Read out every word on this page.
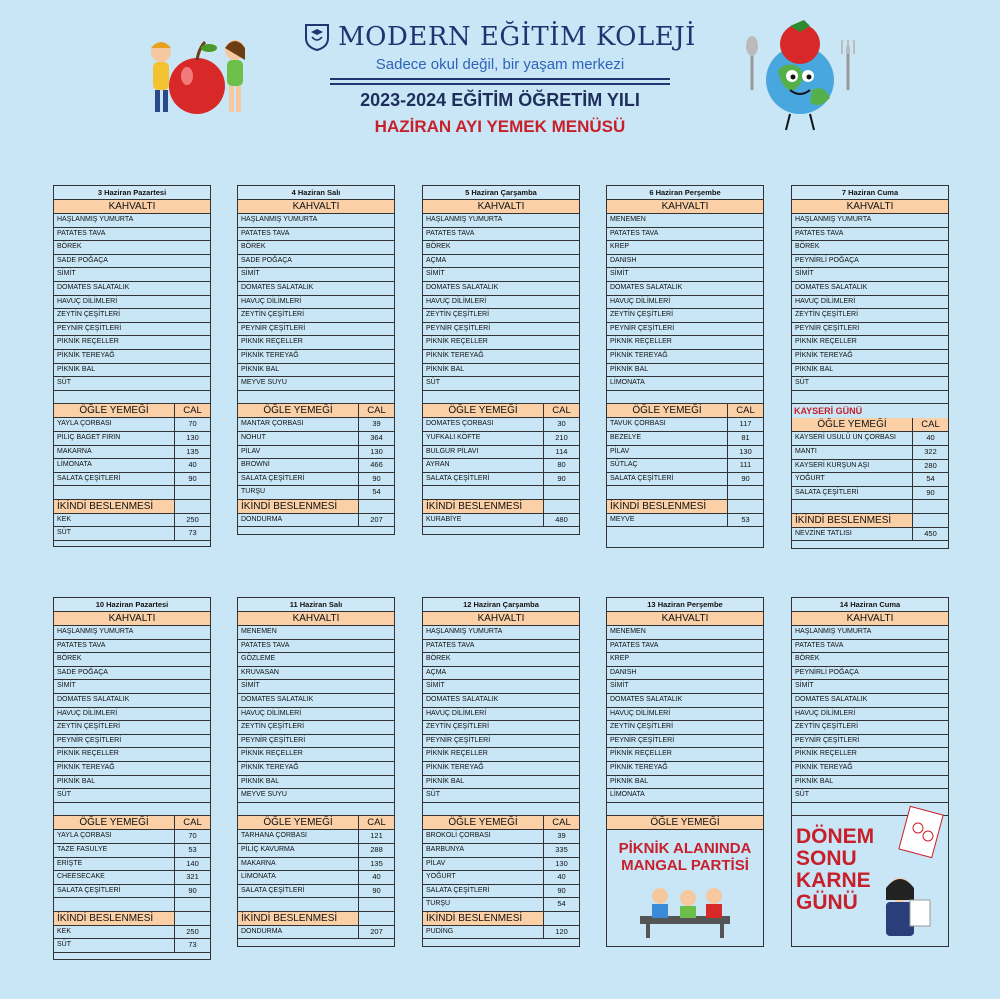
MODERN EĞİTİM KOLEJİ
Sadece okul değil, bir yaşam merkezi
2023-2024 EĞİTİM ÖĞRETİM YILI
HAZİRAN AYI YEMEK MENÜSÜ
3 Haziran Pazartesi
KAHVALTI
HAŞLANMIŞ YUMURTA
PATATES TAVA
BÖREK
SADE POĞAÇA
SİMİT
DOMATES SALATALIK
HAVUÇ DİLİMLERİ
ZEYTİN ÇEŞİTLERİ
PEYNİR ÇEŞİTLERİ
PİKNİK REÇELLER
PİKNİK TEREYAĞ
PİKNİK BAL
SÜT
ÖĞLE YEMEĞİ	CAL
YAYLA ÇORBASI	70
PİLİÇ BAGET FIRIN	130
MAKARNA	135
LİMONATA	40
SALATA ÇEŞİTLERİ	90
İKİNDİ BESLENMESİ
KEK	250
SÜT	73
4 Haziran Salı
KAHVALTI
HAŞLANMIŞ YUMURTA
PATATES TAVA
BÖREK
SADE POĞAÇA
SİMİT
DOMATES SALATALIK
HAVUÇ DİLİMLERİ
ZEYTİN ÇEŞİTLERİ
PEYNİR ÇEŞİTLERİ
PİKNİK REÇELLER
PİKNİK TEREYAĞ
PİKNİK BAL
MEYVE SUYU
ÖĞLE YEMEĞİ	CAL
MANTAR ÇORBASI	39
NOHUT	364
PİLAV	130
BROWNİ	466
SALATA ÇEŞİTLERİ	90
TURŞU	54
İKİNDİ BESLENMESİ
DONDURMA	207
5 Haziran Çarşamba
KAHVALTI
HAŞLANMIŞ YUMURTA
PATATES TAVA
BÖREK
AÇMA
SİMİT
DOMATES SALATALIK
HAVUÇ DİLİMLERİ
ZEYTİN ÇEŞİTLERİ
PEYNİR ÇEŞİTLERİ
PİKNİK REÇELLER
PİKNİK TEREYAĞ
PİKNİK BAL
SÜT
ÖĞLE YEMEĞİ	CAL
DOMATES ÇORBASI	30
YUFKALI KÖFTE	210
BULGUR PİLAVI	114
AYRAN	80
SALATA ÇEŞİTLERİ	90
İKİNDİ BESLENMESİ
KURABİYE	480
6 Haziran Perşembe
KAHVALTI
MENEMEN
PATATES TAVA
KREP
DANISH
SİMİT
DOMATES SALATALIK
HAVUÇ DİLİMLERİ
ZEYTİN ÇEŞİTLERİ
PEYNİR ÇEŞİTLERİ
PİKNİK REÇELLER
PİKNİK TEREYAĞ
PİKNİK BAL
LİMONATA
ÖĞLE YEMEĞİ	CAL
TAVUK ÇORBASI	117
BEZELYE	81
PİLAV	130
SÜTLAÇ	111
SALATA ÇEŞİTLERİ	90
İKİNDİ BESLENMESİ
MEYVE	53
7 Haziran Cuma
KAHVALTI
HAŞLANMIŞ YUMURTA
PATATES TAVA
BÖREK
PEYNİRLİ POĞAÇA
SİMİT
DOMATES SALATALIK
HAVUÇ DİLİMLERİ
ZEYTİN ÇEŞİTLERİ
PEYNİR ÇEŞİTLERİ
PİKNİK REÇELLER
PİKNİK TEREYAĞ
PİKNİK BAL
SÜT
KAYSERİ GÜNÜ
ÖĞLE YEMEĞİ	CAL
KAYSERİ USULÜ UN ÇORBASI	40
MANTI	322
KAYSERİ KURŞUN AŞI	280
YOĞURT	54
SALATA ÇEŞİTLERİ	90
İKİNDİ BESLENMESİ
NEVZİNE TATLISI	450
10 Haziran Pazartesi
KAHVALTI
HAŞLANMIŞ YUMURTA
PATATES TAVA
BÖREK
SADE POĞAÇA
SİMİT
DOMATES SALATALIK
HAVUÇ DİLİMLERİ
ZEYTİN ÇEŞİTLERİ
PEYNİR ÇEŞİTLERİ
PİKNİK REÇELLER
PİKNİK TEREYAĞ
PİKNİK BAL
SÜT
ÖĞLE YEMEĞİ	CAL
YAYLA ÇORBASI	70
TAZE FASULYE	53
ERİŞTE	140
CHEESECAKE	321
SALATA ÇEŞİTLERİ	90
İKİNDİ BESLENMESİ
KEK	250
SÜT	73
11 Haziran Salı
KAHVALTI
MENEMEN
PATATES TAVA
GÖZLEME
KRUVASAN
SİMİT
DOMATES SALATALIK
HAVUÇ DİLİMLERİ
ZEYTİN ÇEŞİTLERİ
PEYNİR ÇEŞİTLERİ
PİKNİK REÇELLER
PİKNİK TEREYAĞ
PİKNİK BAL
MEYVE SUYU
ÖĞLE YEMEĞİ	CAL
TARHANA ÇORBASI	121
PİLİÇ KAVURMA	288
MAKARNA	135
LİMONATA	40
SALATA ÇEŞİTLERİ	90
İKİNDİ BESLENMESİ
DONDURMA	207
12 Haziran Çarşamba
KAHVALTI
HAŞLANMIŞ YUMURTA
PATATES TAVA
BÖREK
AÇMA
SİMİT
DOMATES SALATALIK
HAVUÇ DİLİMLERİ
ZEYTİN ÇEŞİTLERİ
PEYNİR ÇEŞİTLERİ
PİKNİK REÇELLER
PİKNİK TEREYAĞ
PİKNİK BAL
SÜT
ÖĞLE YEMEĞİ	CAL
BROKOLİ ÇORBASI	39
BARBUNYA	335
PİLAV	130
YOĞURT	40
SALATA ÇEŞİTLERİ	90
TURŞU	54
İKİNDİ BESLENMESİ
PUDİNG	120
13 Haziran Perşembe
KAHVALTI
MENEMEN
PATATES TAVA
KREP
DANISH
SİMİT
DOMATES SALATALIK
HAVUÇ DİLİMLERİ
ZEYTİN ÇEŞİTLERİ
PEYNİR ÇEŞİTLERİ
PİKNİK REÇELLER
PİKNİK TEREYAĞ
PİKNİK BAL
LİMONATA
ÖĞLE YEMEĞİ
PİKNİK ALANINDA MANGAL PARTİSİ
14 Haziran Cuma
KAHVALTI
HAŞLANMIŞ YUMURTA
PATATES TAVA
BÖREK
PEYNİRLİ POĞAÇA
SİMİT
DOMATES SALATALIK
HAVUÇ DİLİMLERİ
ZEYTİN ÇEŞİTLERİ
PEYNİR ÇEŞİTLERİ
PİKNİK REÇELLER
PİKNİK TEREYAĞ
PİKNİK BAL
SÜT
DÖNEM SONU KARNE GÜNÜ
